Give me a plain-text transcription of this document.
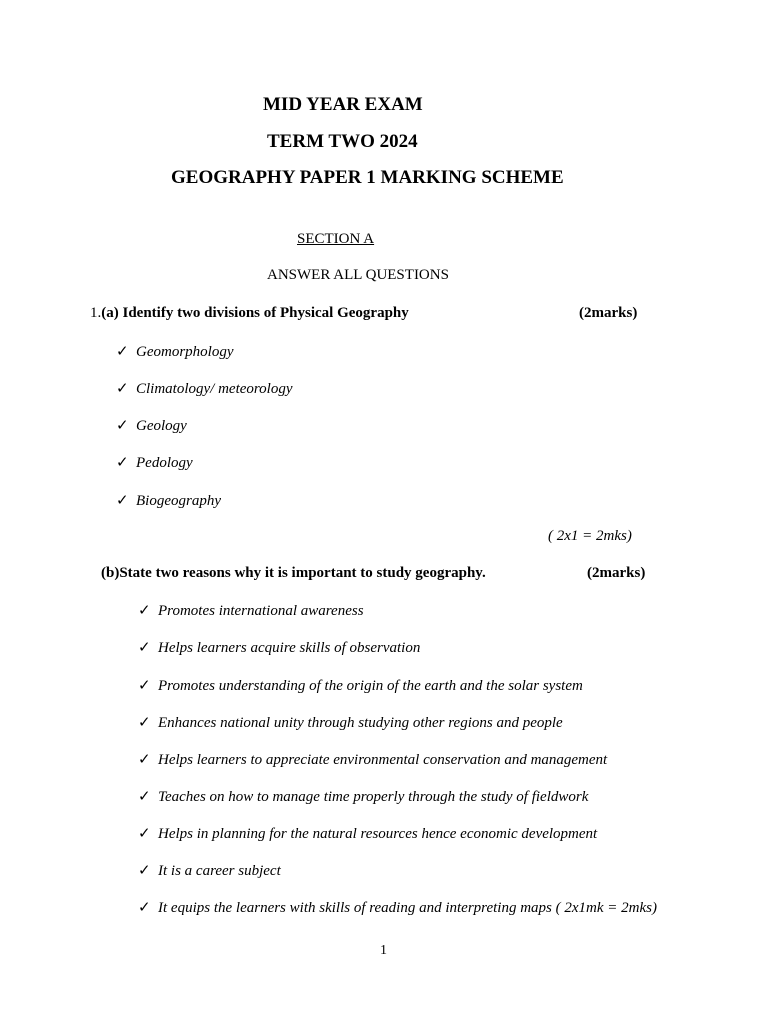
MID YEAR EXAM
TERM TWO 2024
GEOGRAPHY PAPER 1 MARKING SCHEME
SECTION A
ANSWER ALL QUESTIONS
1.(a) Identify two divisions of Physical Geography	(2marks)
✓ Geomorphology
✓ Climatology/ meteorology
✓ Geology
✓ Pedology
✓ Biogeography
( 2x1 = 2mks)
(b)State two reasons why it is important to study geography.	(2marks)
✓ Promotes international awareness
✓ Helps learners acquire skills of observation
✓ Promotes understanding of the origin of the earth and the solar system
✓ Enhances national unity through studying other regions and people
✓ Helps learners to appreciate environmental conservation and management
✓ Teaches on how to manage time properly through the study of fieldwork
✓ Helps in planning for the natural resources hence economic development
✓ It is a career subject
✓ It equips the learners with skills of reading and interpreting maps ( 2x1mk = 2mks)
1
